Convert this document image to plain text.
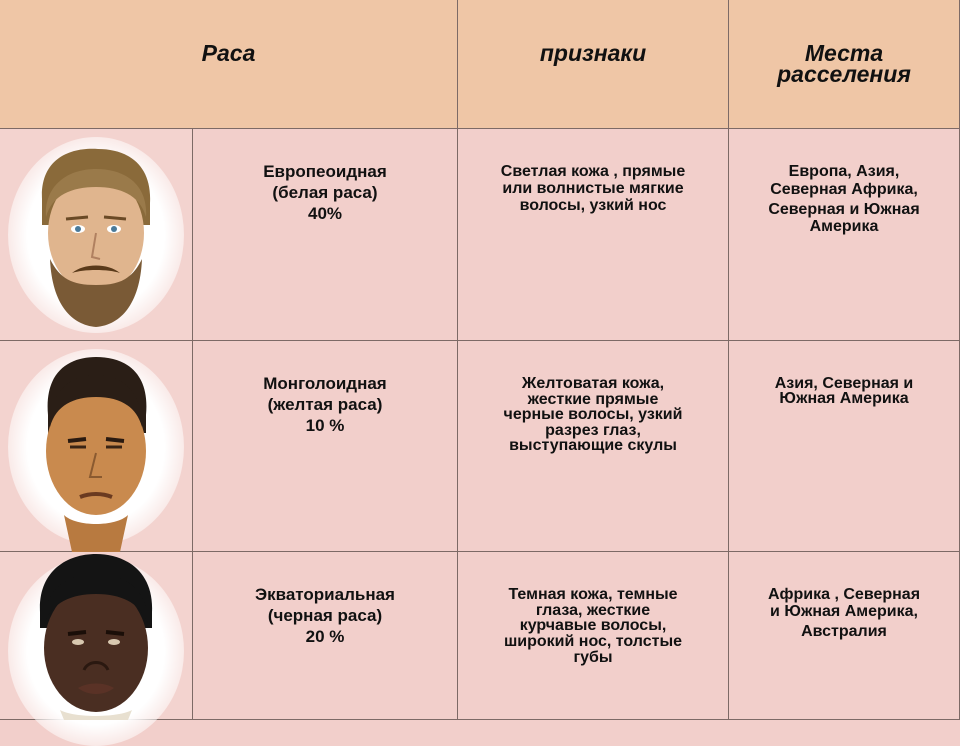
Раса	признаки	Места
расселения
Европеоидная
(белая раса)
40%
Светлая кожа , прямые
или волнистые мягкие
волосы, узкий нос
Европа, Азия,
Северная Африка,
Северная и Южная
Америка
Монголоидная
(желтая раса)
10 %
Желтоватая кожа,
жесткие прямые
черные волосы, узкий
разрез глаз,
выступающие скулы
Азия, Северная и
Южная Америка
Экваториальная
(черная раса)
20 %
Темная кожа, темные
глаза, жесткие
курчавые волосы,
широкий нос, толстые
губы
Африка , Северная
и Южная Америка,
Австралия
